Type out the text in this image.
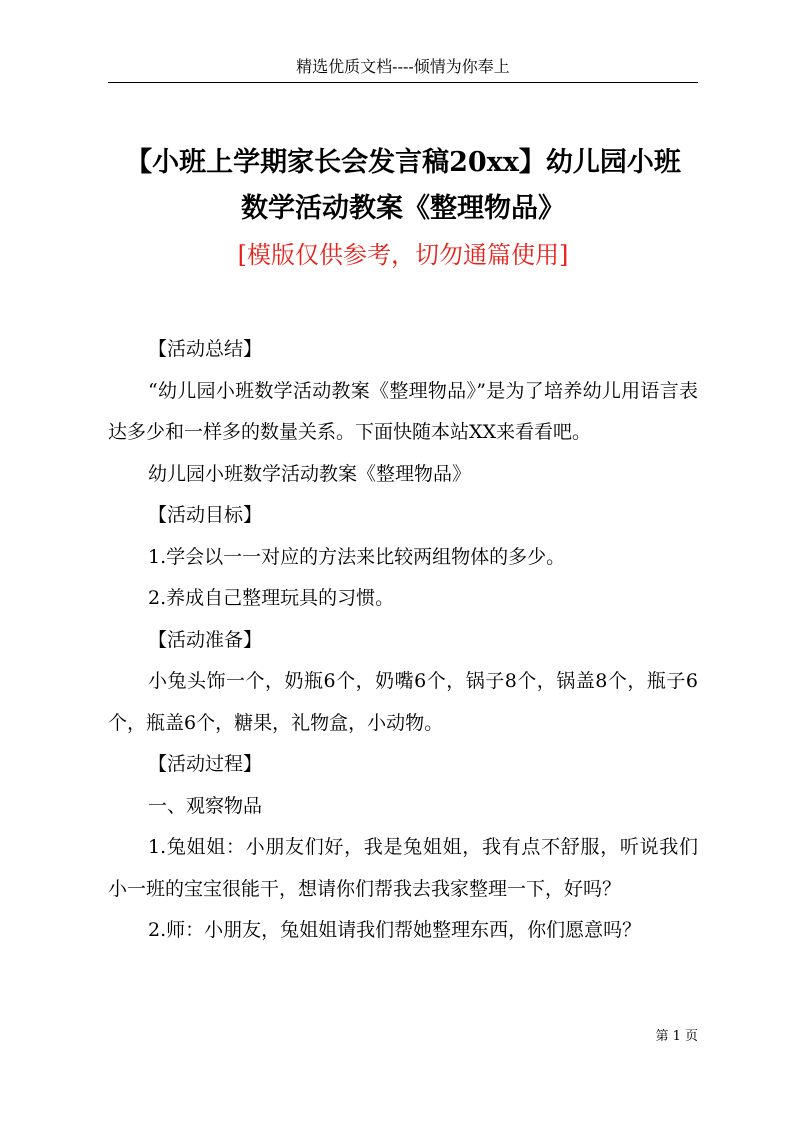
精选优质文档----倾情为你奉上
【小班上学期家长会发言稿20xx】幼儿园小班
数学活动教案《整理物品》
[模版仅供参考，切勿通篇使用]

【活动总结】

“幼儿园小班数学活动教案《整理物品》”是为了培养幼儿用语言表达多少和一样多的数量关系。下面快随本站XX来看看吧。

幼儿园小班数学活动教案《整理物品》

【活动目标】

1.学会以一一对应的方法来比较两组物体的多少。

2.养成自己整理玩具的习惯。

【活动准备】

小兔头饰一个，奶瓶6个，奶嘴6个，锅子8个，锅盖8个，瓶子6个，瓶盖6个，糖果，礼物盒，小动物。

【活动过程】

一、观察物品

1.兔姐姐：小朋友们好，我是兔姐姐，我有点不舒服，听说我们小一班的宝宝很能干，想请你们帮我去我家整理一下，好吗？

2.师：小朋友，兔姐姐请我们帮她整理东西，你们愿意吗？

第 1 页
